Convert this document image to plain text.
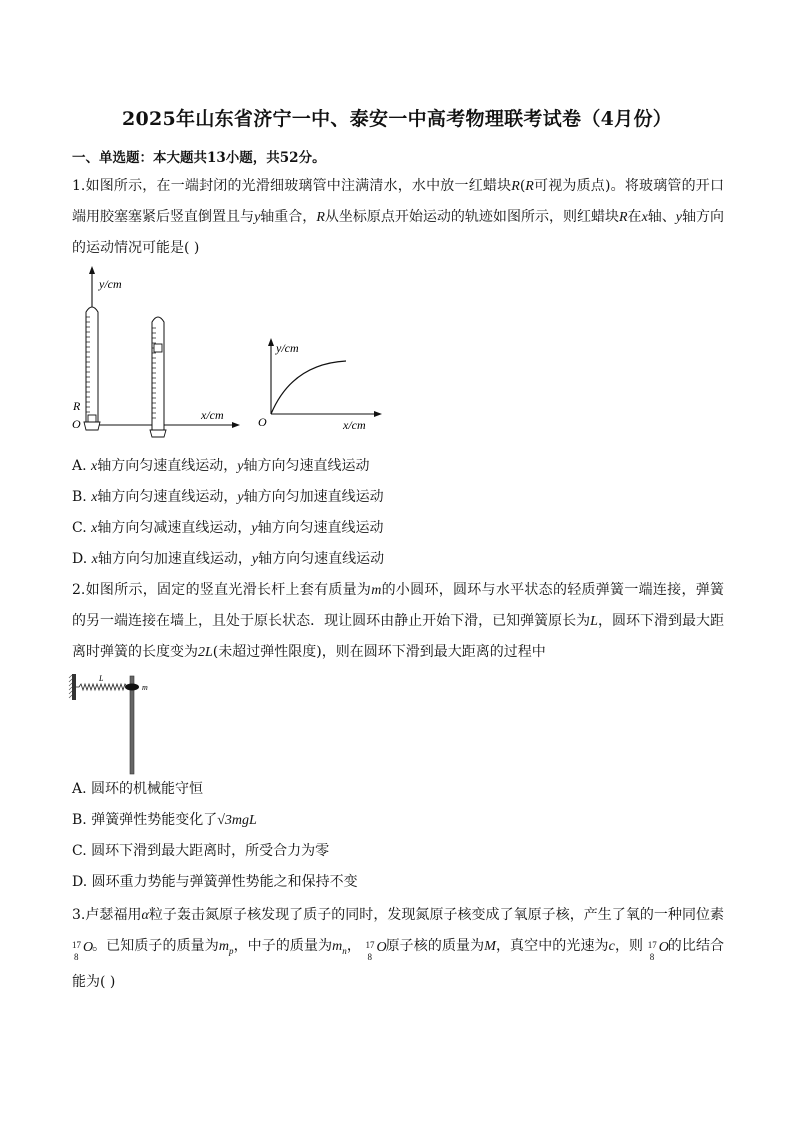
2025年山东省济宁一中、泰安一中高考物理联考试卷（4月份）
一、单选题：本大题共13小题，共52分。
1.如图所示，在一端封闭的光滑细玻璃管中注满清水，水中放一红蜡块R(R可视为质点)。将玻璃管的开口端用胶塞塞紧后竖直倒置且与y轴重合，R从坐标原点开始运动的轨迹如图所示，则红蜡块R在x轴、y轴方向的运动情况可能是( )
y/cm
x/cm
R
O
y/cm
x/cm
O
A. x轴方向匀速直线运动，y轴方向匀速直线运动
B. x轴方向匀速直线运动，y轴方向匀加速直线运动
C. x轴方向匀减速直线运动，y轴方向匀速直线运动
D. x轴方向匀加速直线运动，y轴方向匀速直线运动
2.如图所示，固定的竖直光滑长杆上套有质量为m的小圆环，圆环与水平状态的轻质弹簧一端连接，弹簧的另一端连接在墙上，且处于原长状态．现让圆环由静止开始下滑，已知弹簧原长为L，圆环下滑到最大距离时弹簧的长度变为2L(未超过弹性限度)，则在圆环下滑到最大距离的过程中
L
m
A. 圆环的机械能守恒
B. 弹簧弹性势能变化了√3mgL
C. 圆环下滑到最大距离时，所受合力为零
D. 圆环重力势能与弹簧弹性势能之和保持不变
3.卢瑟福用α粒子轰击氮原子核发现了质子的同时，发现氮原子核变成了氧原子核，产生了氧的一种同位素
17
8
O
。已知质子的质量为$m_p$，中子的质量为$m_n$， 17
8
O
原子核的质量为M，真空中的光速为c，则 17
8
O
的比结合能为( )
